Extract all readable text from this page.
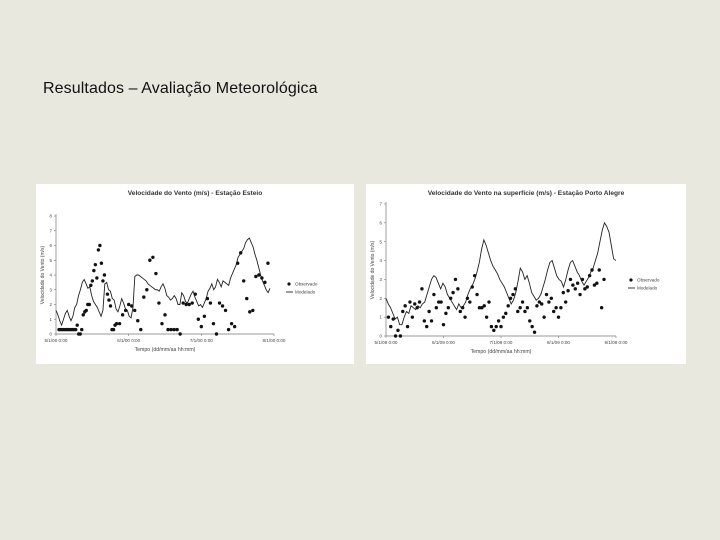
Resultados – Avaliação Meteorológica
Velocidade do Vento (m/s) - Estação Esteio
0
1
2
3
4
5
6
7
8
5/1/00 0:00	6/1/00 0:00	7/1/00 0:00	8/1/00 0:00
Tempo (dd/mm/aa hh:mm)
Velocidade do Vento (m/s)	Observado
Modelado
Velocidade do Vento na superfície (m/s) - Estação Porto Alegre
0
1
2
3
4
5
6
7
5/1/09 0:00	6/1/09 0:00	7/1/09 0:00	8/1/09 0:00	9/1/09 0:00
Tempo (dd/mm/aa hh:mm)
Velocidade do Vento (m/s)	Observado
Modelado
